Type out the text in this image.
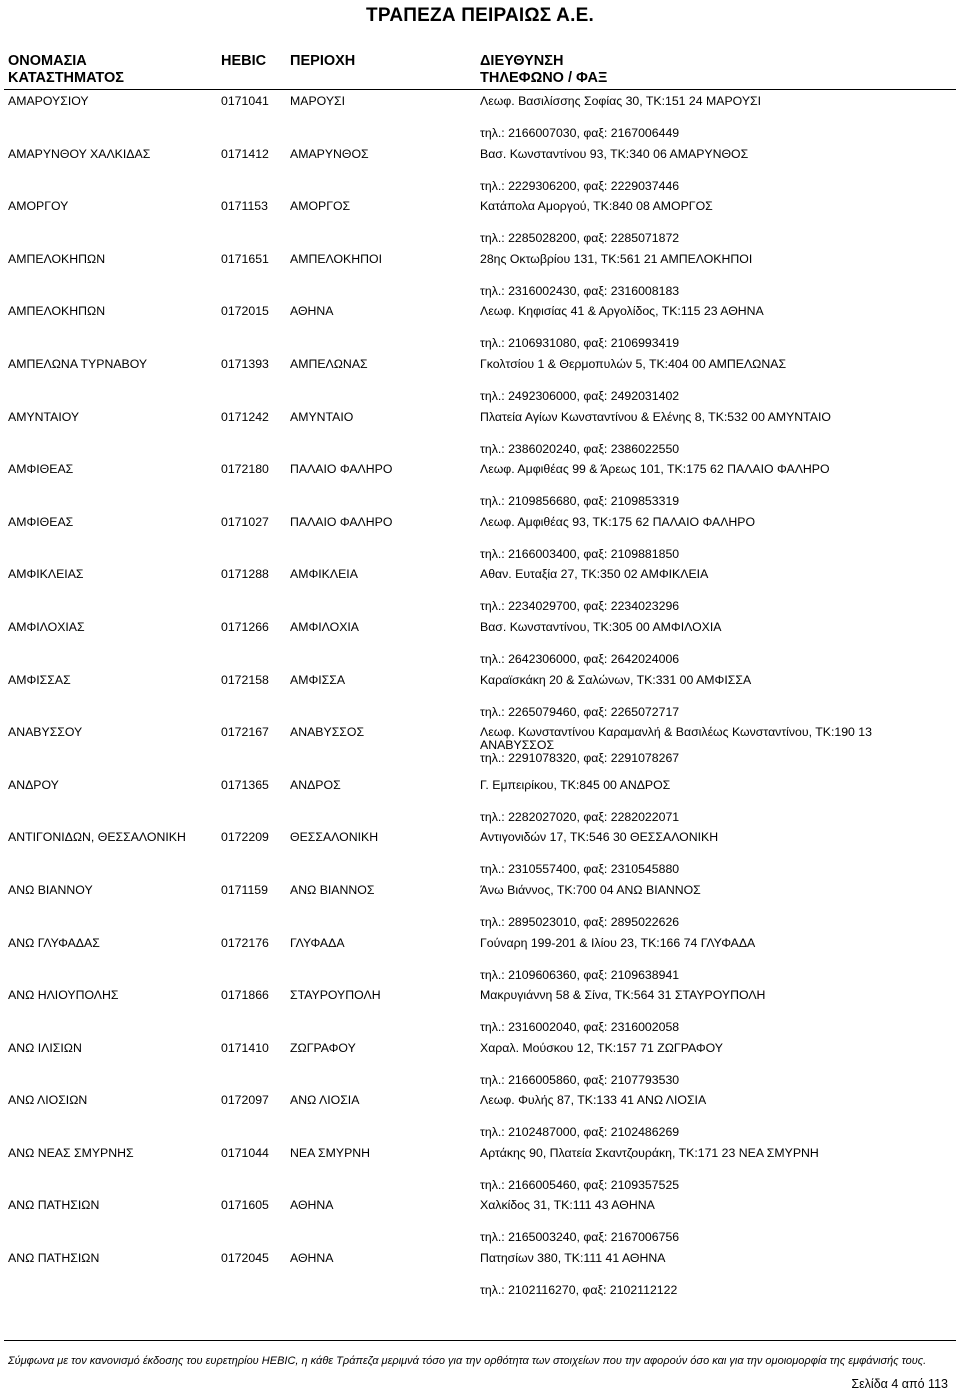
ΤΡΑΠΕΖΑ ΠΕΙΡΑΙΩΣ Α.Ε.
ΟΝΟΜΑΣΙΑ
ΚΑΤΑΣΤΗΜΑΤΟΣ
HEBIC ΠΕΡΙΟΧΗ	ΔΙΕΥΘΥΝΣΗ
ΤΗΛΕΦΩΝΟ / ΦΑΞ
ΑΜΑΡΟΥΣΙΟΥ	0171041 ΜΑΡΟΥΣΙ	Λεωφ. Βασιλίσσης Σοφίας 30, ΤΚ:151 24 ΜΑΡΟΥΣΙ
τηλ.: 2166007030, φαξ: 2167006449
ΑΜΑΡΥΝΘΟΥ ΧΑΛΚΙΔΑΣ	0171412 ΑΜΑΡΥΝΘΟΣ	Βασ. Κωνσταντίνου 93, ΤΚ:340 06 ΑΜΑΡΥΝΘΟΣ
τηλ.: 2229306200, φαξ: 2229037446
ΑΜΟΡΓΟΥ	0171153 ΑΜΟΡΓΟΣ	Κατάπολα Αμοργού, ΤΚ:840 08 ΑΜΟΡΓΟΣ
τηλ.: 2285028200, φαξ: 2285071872
ΑΜΠΕΛΟΚΗΠΩΝ	0171651 ΑΜΠΕΛΟΚΗΠΟΙ	28ης Οκτωβρίου 131, ΤΚ:561 21 ΑΜΠΕΛΟΚΗΠΟΙ
τηλ.: 2316002430, φαξ: 2316008183
ΑΜΠΕΛΟΚΗΠΩΝ	0172015 ΑΘΗΝΑ	Λεωφ. Κηφισίας 41 & Αργολίδος, ΤΚ:115 23 ΑΘΗΝΑ
τηλ.: 2106931080, φαξ: 2106993419
ΑΜΠΕΛΩΝΑ ΤΥΡΝΑΒΟΥ	0171393 ΑΜΠΕΛΩΝΑΣ	Γκολτσίου 1 & Θερμοπυλών 5, ΤΚ:404 00 ΑΜΠΕΛΩΝΑΣ
τηλ.: 2492306000, φαξ: 2492031402
ΑΜΥΝΤΑΙΟΥ	0171242 ΑΜΥΝΤΑΙΟ	Πλατεία Αγίων Κωνσταντίνου & Ελένης 8, ΤΚ:532 00 ΑΜΥΝΤΑΙΟ
τηλ.: 2386020240, φαξ: 2386022550
ΑΜΦΙΘΕΑΣ	0172180 ΠΑΛΑΙΟ ΦΑΛΗΡΟ	Λεωφ. Αμφιθέας 99 & Άρεως 101, ΤΚ:175 62 ΠΑΛΑΙΟ ΦΑΛΗΡΟ
τηλ.: 2109856680, φαξ: 2109853319
ΑΜΦΙΘΕΑΣ	0171027 ΠΑΛΑΙΟ ΦΑΛΗΡΟ	Λεωφ. Αμφιθέας 93, ΤΚ:175 62 ΠΑΛΑΙΟ ΦΑΛΗΡΟ
τηλ.: 2166003400, φαξ: 2109881850
ΑΜΦΙΚΛΕΙΑΣ	0171288 ΑΜΦΙΚΛΕΙΑ	Αθαν. Ευταξία 27, ΤΚ:350 02 ΑΜΦΙΚΛΕΙΑ
τηλ.: 2234029700, φαξ: 2234023296
ΑΜΦΙΛΟΧΙΑΣ	0171266 ΑΜΦΙΛΟΧΙΑ	Βασ. Κωνσταντίνου, ΤΚ:305 00 ΑΜΦΙΛΟΧΙΑ
τηλ.: 2642306000, φαξ: 2642024006
ΑΜΦΙΣΣΑΣ	0172158 ΑΜΦΙΣΣΑ	Καραϊσκάκη 20 & Σαλώνων, ΤΚ:331 00 ΑΜΦΙΣΣΑ
τηλ.: 2265079460, φαξ: 2265072717
ΑΝΑΒΥΣΣΟΥ	0172167 ΑΝΑΒΥΣΣΟΣ	Λεωφ. Κωνσταντίνου Καραμανλή & Βασιλέως Κωνσταντίνου, ΤΚ:190 13 ΑΝΑΒΥΣΣΟΣ
τηλ.: 2291078320, φαξ: 2291078267
ΑΝΔΡΟΥ	0171365 ΑΝΔΡΟΣ	Γ. Εμπειρίκου, ΤΚ:845 00 ΑΝΔΡΟΣ
τηλ.: 2282027020, φαξ: 2282022071
ΑΝΤΙΓΟΝΙΔΩΝ, ΘΕΣΣΑΛΟΝΙΚΗ	0172209 ΘΕΣΣΑΛΟΝΙΚΗ	Αντιγονιδών 17, ΤΚ:546 30 ΘΕΣΣΑΛΟΝΙΚΗ
τηλ.: 2310557400, φαξ: 2310545880
ΑΝΩ ΒΙΑΝΝΟΥ	0171159 ΑΝΩ ΒΙΑΝΝΟΣ	Άνω Βιάννος, ΤΚ:700 04 ΑΝΩ ΒΙΑΝΝΟΣ
τηλ.: 2895023010, φαξ: 2895022626
ΑΝΩ ΓΛΥΦΑΔΑΣ	0172176 ΓΛΥΦΑΔΑ	Γούναρη 199-201 & Ιλίου 23, ΤΚ:166 74 ΓΛΥΦΑΔΑ
τηλ.: 2109606360, φαξ: 2109638941
ΑΝΩ ΗΛΙΟΥΠΟΛΗΣ	0171866 ΣΤΑΥΡΟΥΠΟΛΗ	Μακρυγιάννη 58 & Σίνα, ΤΚ:564 31 ΣΤΑΥΡΟΥΠΟΛΗ
τηλ.: 2316002040, φαξ: 2316002058
ΑΝΩ ΙΛΙΣΙΩΝ	0171410 ΖΩΓΡΑΦΟΥ	Χαραλ. Μούσκου 12, ΤΚ:157 71 ΖΩΓΡΑΦΟΥ
τηλ.: 2166005860, φαξ: 2107793530
ΑΝΩ ΛΙΟΣΙΩΝ	0172097 ΑΝΩ ΛΙΟΣΙΑ	Λεωφ. Φυλής 87, ΤΚ:133 41 ΑΝΩ ΛΙΟΣΙΑ
τηλ.: 2102487000, φαξ: 2102486269
ΑΝΩ ΝΕΑΣ ΣΜΥΡΝΗΣ	0171044 ΝΕΑ ΣΜΥΡΝΗ	Αρτάκης 90, Πλατεία Σκαντζουράκη, ΤΚ:171 23 ΝΕΑ ΣΜΥΡΝΗ
τηλ.: 2166005460, φαξ: 2109357525
ΑΝΩ ΠΑΤΗΣΙΩΝ	0171605 ΑΘΗΝΑ	Χαλκίδος 31, ΤΚ:111 43 ΑΘΗΝΑ
τηλ.: 2165003240, φαξ: 2167006756
ΑΝΩ ΠΑΤΗΣΙΩΝ	0172045 ΑΘΗΝΑ	Πατησίων 380, ΤΚ:111 41 ΑΘΗΝΑ
τηλ.: 2102116270, φαξ: 2102112122
Σύμφωνα με τον κανονισμό έκδοσης του ευρετηρίου HEBIC, η κάθε Τράπεζα μεριμνά τόσο για την ορθότητα των στοιχείων που την αφορούν όσο και για την ομοιομορφία της εμφάνισής τους.
Σελίδα 4 από 113
